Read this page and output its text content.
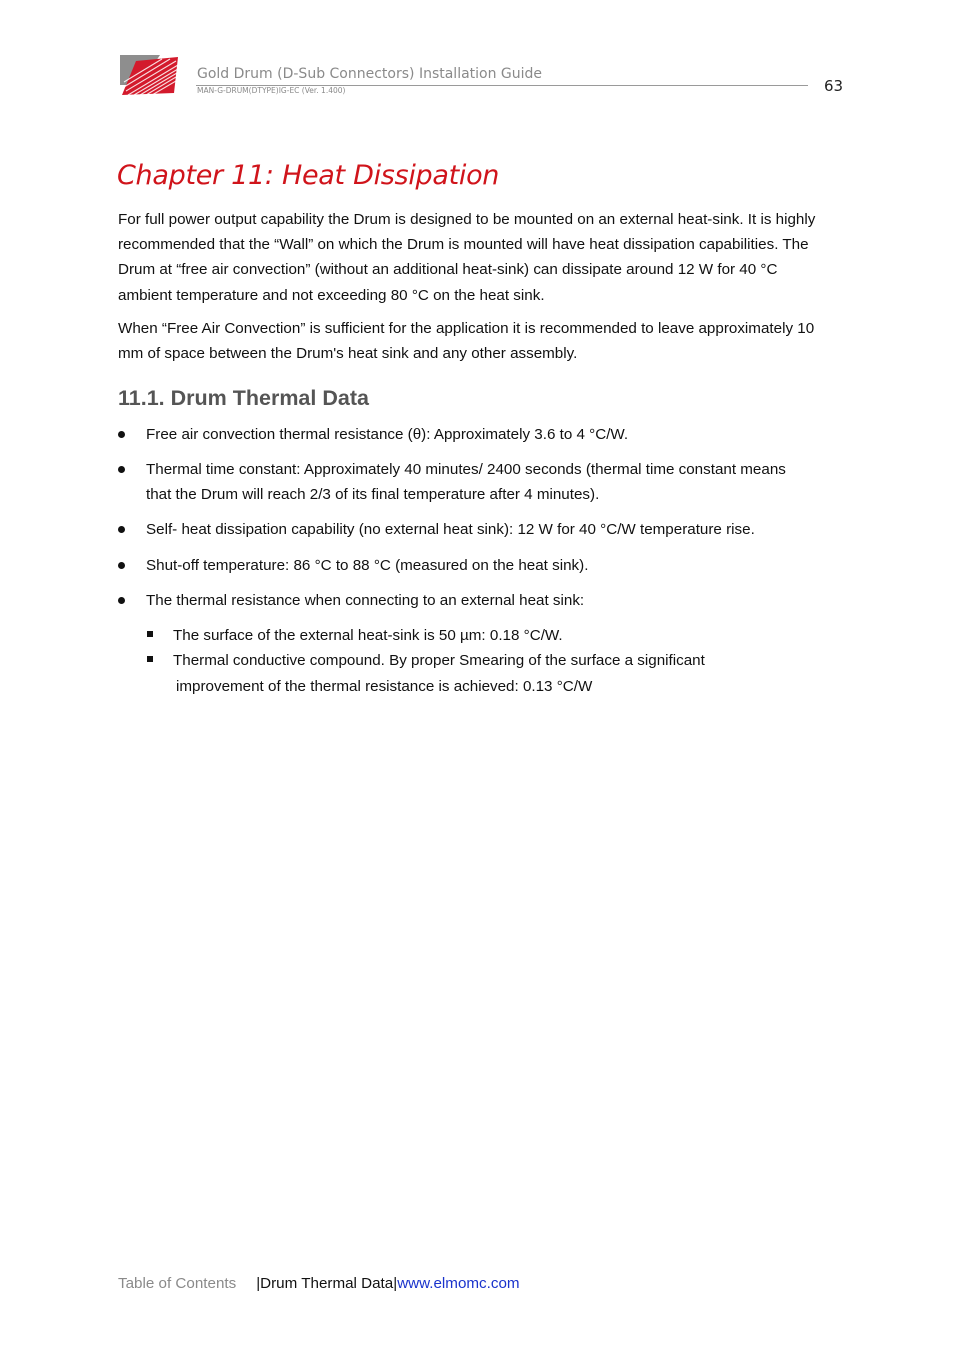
Gold Drum (D-Sub Connectors) Installation Guide
MAN-G-DRUM(DTYPE)IG-EC (Ver. 1.400)	63
Chapter 11: Heat Dissipation

For full power output capability the Drum is designed to be mounted on an external heat-sink. It is highly recommended that the “Wall” on which the Drum is mounted will have heat dissipation capabilities. The Drum at “free air convection” (without an additional heat-sink) can dissipate around 12 W for 40 °C ambient temperature and not exceeding 80 °C on the heat sink.

When “Free Air Convection” is sufficient for the application it is recommended to leave approximately 10 mm of space between the Drum's heat sink and any other assembly.

11.1. Drum Thermal Data

Free air convection thermal resistance (θ): Approximately 3.6 to 4 °C/W.

Thermal time constant: Approximately 40 minutes/ 2400 seconds (thermal time constant means that the Drum will reach 2/3 of its final temperature after 4 minutes).

Self- heat dissipation capability (no external heat sink): 12 W for 40 °C/W temperature rise.

Shut-off temperature: 86 °C to 88 °C (measured on the heat sink).

The thermal resistance when connecting to an external heat sink:

The surface of the external heat-sink is 50 µm: 0.18 °C/W.

Thermal conductive compound. By proper Smearing of the surface a significant
improvement of the thermal resistance is achieved: 0.13 °C/W

Table of Contents |Drum Thermal Data|www.elmomc.com
